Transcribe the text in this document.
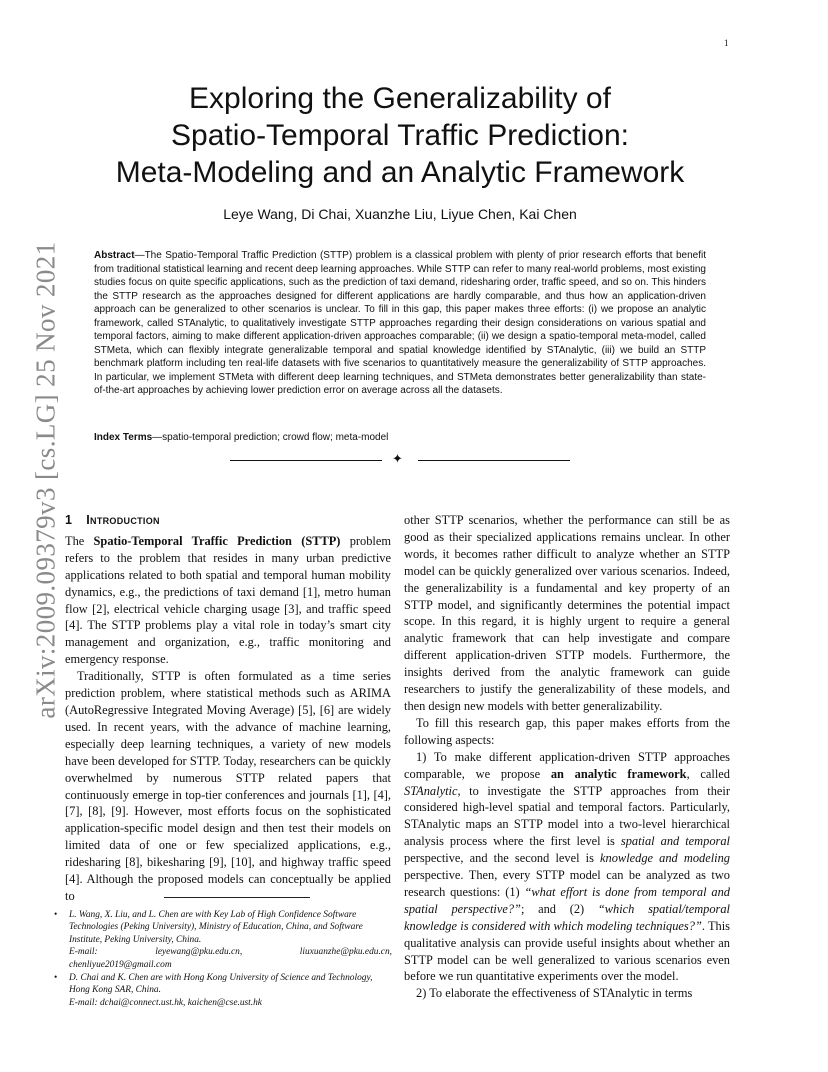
1
arXiv:2009.09379v3 [cs.LG] 25 Nov 2021
Exploring the Generalizability of
Spatio-Temporal Traffic Prediction:
Meta-Modeling and an Analytic Framework
Leye Wang, Di Chai, Xuanzhe Liu, Liyue Chen, Kai Chen
Abstract—The Spatio-Temporal Traffic Prediction (STTP) problem is a classical problem with plenty of prior research efforts that benefit from traditional statistical learning and recent deep learning approaches. While STTP can refer to many real-world problems, most existing studies focus on quite specific applications, such as the prediction of taxi demand, ridesharing order, traffic speed, and so on. This hinders the STTP research as the approaches designed for different applications are hardly comparable, and thus how an application-driven approach can be generalized to other scenarios is unclear. To fill in this gap, this paper makes three efforts: (i) we propose an analytic framework, called STAnalytic, to qualitatively investigate STTP approaches regarding their design considerations on various spatial and temporal factors, aiming to make different application-driven approaches comparable; (ii) we design a spatio-temporal meta-model, called STMeta, which can flexibly integrate generalizable temporal and spatial knowledge identified by STAnalytic, (iii) we build an STTP benchmark platform including ten real-life datasets with five scenarios to quantitatively measure the generalizability of STTP approaches. In particular, we implement STMeta with different deep learning techniques, and STMeta demonstrates better generalizability than state-of-the-art approaches by achieving lower prediction error on average across all the datasets.
Index Terms—spatio-temporal prediction; crowd flow; meta-model
✦
1 Introduction

The Spatio-Temporal Traffic Prediction (STTP) problem refers to the problem that resides in many urban predictive applications related to both spatial and temporal human mobility dynamics, e.g., the predictions of taxi demand [1], metro human flow [2], electrical vehicle charging usage [3], and traffic speed [4]. The STTP problems play a vital role in today’s smart city management and organization, e.g., traffic monitoring and emergency response.

Traditionally, STTP is often formulated as a time series prediction problem, where statistical methods such as ARIMA (AutoRegressive Integrated Moving Average) [5], [6] are widely used. In recent years, with the advance of machine learning, especially deep learning techniques, a variety of new models have been developed for STTP. Today, researchers can be quickly overwhelmed by numerous STTP related papers that continuously emerge in top-tier conferences and journals [1], [4], [7], [8], [9]. However, most efforts focus on the sophisticated application-specific model design and then test their models on limited data of one or few specialized applications, e.g., ridesharing [8], bikesharing [9], [10], and highway traffic speed [4]. Although the proposed models can conceptually be applied to

other STTP scenarios, whether the performance can still be as good as their specialized applications remains unclear. In other words, it becomes rather difficult to analyze whether an STTP model can be quickly generalized over various scenarios. Indeed, the generalizability is a fundamental and key property of an STTP model, and significantly determines the potential impact scope. In this regard, it is highly urgent to require a general analytic framework that can help investigate and compare different application-driven STTP models. Furthermore, the insights derived from the analytic framework can guide researchers to justify the generalizability of these models, and then design new models with better generalizability.

To fill this research gap, this paper makes efforts from the following aspects:

1) To make different application-driven STTP approaches comparable, we propose an analytic framework, called STAnalytic, to investigate the STTP approaches from their considered high-level spatial and temporal factors. Particularly, STAnalytic maps an STTP model into a two-level hierarchical analysis process where the first level is spatial and temporal perspective, and the second level is knowledge and modeling perspective. Then, every STTP model can be analyzed as two research questions: (1) “what effort is done from temporal and spatial perspective?”; and (2) “which spatial/temporal knowledge is considered with which modeling techniques?”. This qualitative analysis can provide useful insights about whether an STTP model can be well generalized to various scenarios even before we run quantitative experiments over the model.

2) To elaborate the effectiveness of STAnalytic in terms

• L. Wang, X. Liu, and L. Chen are with Key Lab of High Confidence Software Technologies (Peking University), Ministry of Education, China, and Software Institute, Peking University, China.
E-mail:	leyewang@pku.edu.cn,	liuxuanzhe@pku.edu.cn,
chenliyue2019@gmail.com
• D. Chai and K. Chen are with Hong Kong University of Science and Technology, Hong Kong SAR, China.
E-mail: dchai@connect.ust.hk, kaichen@cse.ust.hk
